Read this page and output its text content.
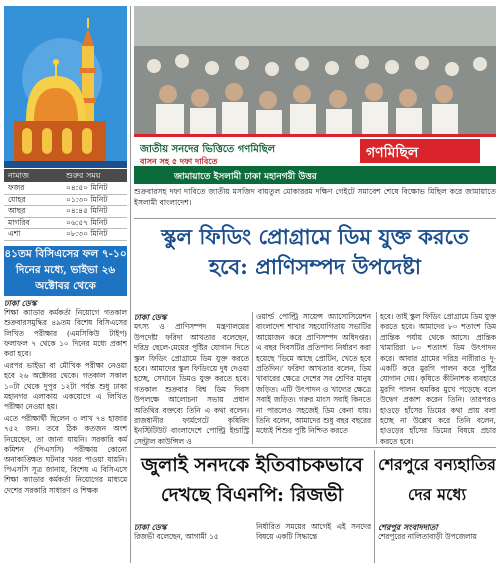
নামাজ	শুরুর সময়
ফজর	০৪:৫০ মিনিট
যোহর	০১:৩০ মিনিট
আছর	০৪:৪৫ মিনিট
মাগরিব	০৬:৫৭ মিনিট
এশা	০৮:৩০ মিনিট
৪১তম বিসিএসের ফল ৭-১০
দিনের মধ্যে, ভাইভা ২৬
অক্টোবর থেকে
ঢাকা ডেস্ক

শিক্ষা ক্যাডার কর্মকর্তা নিয়োগে গতকাল শুক্রবারসমুদ্ধির ৪৯তম বিশেষ বিসিএসের লিখিত পরীক্ষার (এমসিকিউ টাইপ) ফলাফল ৭ থেকে ১০ দিনের মধ্যে প্রকাশ করা হবে।

এরপর ভাইভা বা মৌখিক পরীক্ষা নেওয়া হবে ২৬ অক্টোবর থেকে। গতকাল সকাল ১০টা থেকে দুপুর ১২টা পর্যন্ত শুধু ঢাকা মহানগর এলাকায় একযোগে এ লিখিত পরীক্ষা নেওয়া হয়।

এতে পরীক্ষার্থী ছিলেন ৩ লাখ ৭৪ হাজার ৭৫২ জন। তবে ঠিক কতজন অংশ নিয়েছেন, তা জানা যায়নি। সরকারি কর্ম কমিশন (পিএসসি) পরীক্ষায় কোনো অনাকাঙ্ক্ষিত ঘটনার খবর পাওয়া যায়নি। পিএসসি সূত্র জানায়, বিশেষ এ বিসিএসে শিক্ষা ক্যাডার কর্মকর্তা নিয়োগের মাধ্যমে দেশের সরকারি সাধারণ ও শিক্ষক

জাতীয় সনদের ভিত্তিতে গণমিছিল
বাসন সহ ৫ দফা দাবিতে	গণমিছিল
জামায়াতে ইসলামী ঢাকা মহানগরী উত্তর
শুক্রবারসহ দফা দাবিতে জাতীয় মসজিদ বায়তুল মোকাররম দক্ষিণ গেইটে সমাবেশ শেষে বিক্ষোভ মিছিল করে জামায়াতে ইসলামী বাংলাদেশ।
স্কুল ফিডিং প্রোগ্রামে ডিম যুক্ত করতে
হবে: প্রাণিসম্পদ উপদেষ্টা
ঢাকা ডেস্ক

মৎস্য ও প্রাণিসম্পদ মন্ত্রণালয়ের উপদেষ্টা ফরিদা আখতার বলেছেন, দরিদ্র ছেলে-মেয়ের পুষ্টির যোগান দিতে স্কুল ফিডিং প্রোগ্রামে ডিম যুক্ত করতে হবে। আমাদের স্কুল ফিডিংয়ে দুধ দেওয়া হচ্ছে, সেখানে ডিমও যুক্ত করতে হবে। গতকাল শুক্রবার বিশ্ব ডিম দিবস উপলক্ষে আলোচনা সভায় প্রধান অতিথির বক্তব্যে তিনি এ কথা বলেন। রাজধানীর ফার্মগেটে কৃষিবিদ ইনস্টিটিউট বাংলাদেশে পোল্ট্রি ইন্ডাস্ট্রি সেন্ট্রাল কাউন্সিল ও

ওয়ার্ল্ড পোল্ট্রি সায়েন্স অ্যাসোসিয়েশন বাংলাদেশ শাখার সহযোগিতায় সভাটির আয়োজন করে প্রাণিসম্পদ অধিদপ্তর। এ বছর দিবসটির প্রতিপাদ্য নির্ধারণ করা হয়েছে 'ডিমে আছে প্রোটিন, খেতে হবে প্রতিদিন।' ফরিদা আখতার বলেন, ডিম খাবারের ক্ষেত্রে দেশের সব শ্রেণির মানুষ জড়িত। এটি উৎপাদন ও খাদ্যের ক্ষেত্রে সবাই জড়িত। গরুর মাংস সবাই কিনতে না পারলেও সহজেই ডিম কেনা যায়। তিনি বলেন, আমাদের শুধু বছর বছরের মধ্যেই শিশুর পুষ্টি নিশ্চিত করতে

হবে। তাই স্কুল ফিডিং প্রোগ্রামে ডিম যুক্ত করতে হবে। আমাদের ৮০ শতাংশ ডিম প্রান্তিক পর্যায় থেকে আসে। প্রান্তিক খামারিরা ৮০ শতাংশ ডিম উৎপাদন করে। আবার গ্রামের দরিদ্র নারীরাও দু-একটি করে মুরগি পালন করে পুষ্টির যোগান দেয়। কৃষিতে কীটনাশক ব্যবহারে মুরগি পালন হুমকির মুখে পড়েছে বলে উদ্বেগ প্রকাশ করেন তিনি। তারপরও হাওড়ে হাঁসের ডিমের কথা প্রায় বলা হচ্ছে না উল্লেখ করে তিনি বলেন, হাওড়ের হাঁসের ডিমের বিষয়ে প্রচার করতে হবে।

জুলাই সনদকে ইতিবাচকভাবে
দেখছে বিএনপি: রিজভী
ঢাকা ডেস্ক

রিজভী বলেছেন, আগামী ১৫

নির্ধারিত সময়ের আগেই এই সনদের বিষয়ে একটি সিদ্ধান্তে

শেরপুরে বন্যহাতির
দের মধ্যে
শেরপুর সংবাদদাতা

শেরপুরের নালিতাবাড়ী উপজেলায়
